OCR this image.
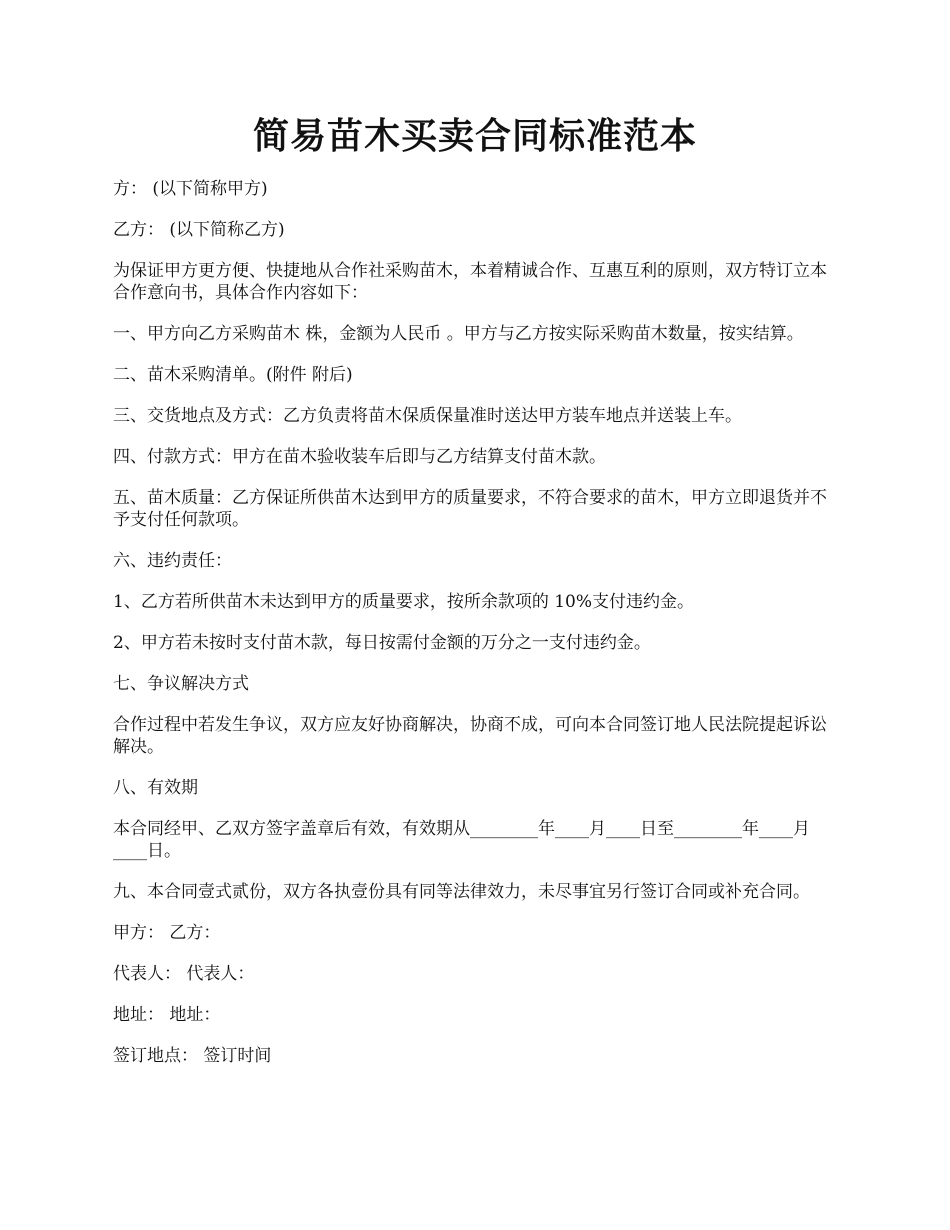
简易苗木买卖合同标准范本

方： (以下简称甲方)

乙方： (以下简称乙方)

为保证甲方更方便、快捷地从合作社采购苗木，本着精诚合作、互惠互利的原则，双方特订立本合作意向书，具体合作内容如下：

一、甲方向乙方采购苗木 株，金额为人民币 。甲方与乙方按实际采购苗木数量，按实结算。

二、苗木采购清单。(附件 附后)

三、交货地点及方式：乙方负责将苗木保质保量准时送达甲方装车地点并送装上车。

四、付款方式：甲方在苗木验收装车后即与乙方结算支付苗木款。

五、苗木质量：乙方保证所供苗木达到甲方的质量要求，不符合要求的苗木，甲方立即退货并不予支付任何款项。

六、违约责任：

1、乙方若所供苗木未达到甲方的质量要求，按所余款项的 10%支付违约金。

2、甲方若未按时支付苗木款，每日按需付金额的万分之一支付违约金。

七、争议解决方式

合作过程中若发生争议，双方应友好协商解决，协商不成，可向本合同签订地人民法院提起诉讼解决。

八、有效期

本合同经甲、乙双方签字盖章后有效，有效期从________年____月____日至________年____月____日。

九、本合同壹式贰份，双方各执壹份具有同等法律效力，未尽事宜另行签订合同或补充合同。

甲方： 乙方：

代表人： 代表人：

地址： 地址：

签订地点： 签订时间
